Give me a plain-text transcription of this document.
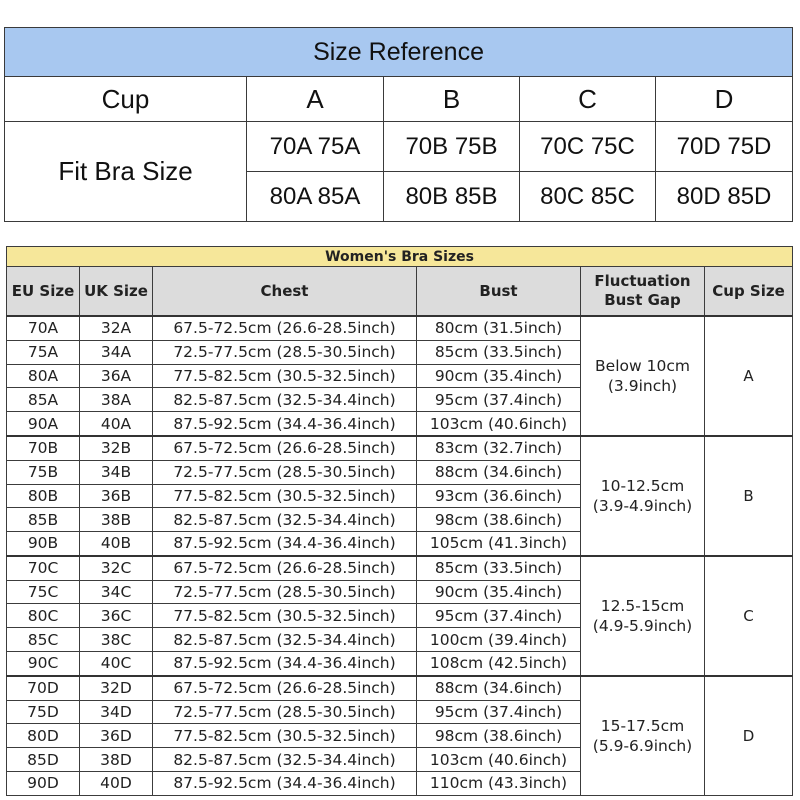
Size Reference				
Cup	A	B	C	D
Fit Bra Size	70A 75A	70B 75B	70C 75C	70D 75D
	80A 85A	80B 85B	80C 85C	80D 85D
Women's Bra Sizes					
EU Size	UK Size	Chest	Bust	Fluctuation Bust Gap	Cup Size
70A	32A	67.5-72.5cm (26.6-28.5inch)	80cm (31.5inch)	Below 10cm (3.9inch)	A
75A	34A	72.5-77.5cm (28.5-30.5inch)	85cm (33.5inch)		
80A	36A	77.5-82.5cm (30.5-32.5inch)	90cm (35.4inch)		
85A	38A	82.5-87.5cm (32.5-34.4inch)	95cm (37.4inch)		
90A	40A	87.5-92.5cm (34.4-36.4inch)	103cm (40.6inch)		
70B	32B	67.5-72.5cm (26.6-28.5inch)	83cm (32.7inch)	10-12.5cm (3.9-4.9inch)	B
75B	34B	72.5-77.5cm (28.5-30.5inch)	88cm (34.6inch)		
80B	36B	77.5-82.5cm (30.5-32.5inch)	93cm (36.6inch)		
85B	38B	82.5-87.5cm (32.5-34.4inch)	98cm (38.6inch)		
90B	40B	87.5-92.5cm (34.4-36.4inch)	105cm (41.3inch)		
70C	32C	67.5-72.5cm (26.6-28.5inch)	85cm (33.5inch)	12.5-15cm (4.9-5.9inch)	C
75C	34C	72.5-77.5cm (28.5-30.5inch)	90cm (35.4inch)		
80C	36C	77.5-82.5cm (30.5-32.5inch)	95cm (37.4inch)		
85C	38C	82.5-87.5cm (32.5-34.4inch)	100cm (39.4inch)		
90C	40C	87.5-92.5cm (34.4-36.4inch)	108cm (42.5inch)		
70D	32D	67.5-72.5cm (26.6-28.5inch)	88cm (34.6inch)	15-17.5cm (5.9-6.9inch)	D
75D	34D	72.5-77.5cm (28.5-30.5inch)	95cm (37.4inch)		
80D	36D	77.5-82.5cm (30.5-32.5inch)	98cm (38.6inch)		
85D	38D	82.5-87.5cm (32.5-34.4inch)	103cm (40.6inch)		
90D	40D	87.5-92.5cm (34.4-36.4inch)	110cm (43.3inch)		
